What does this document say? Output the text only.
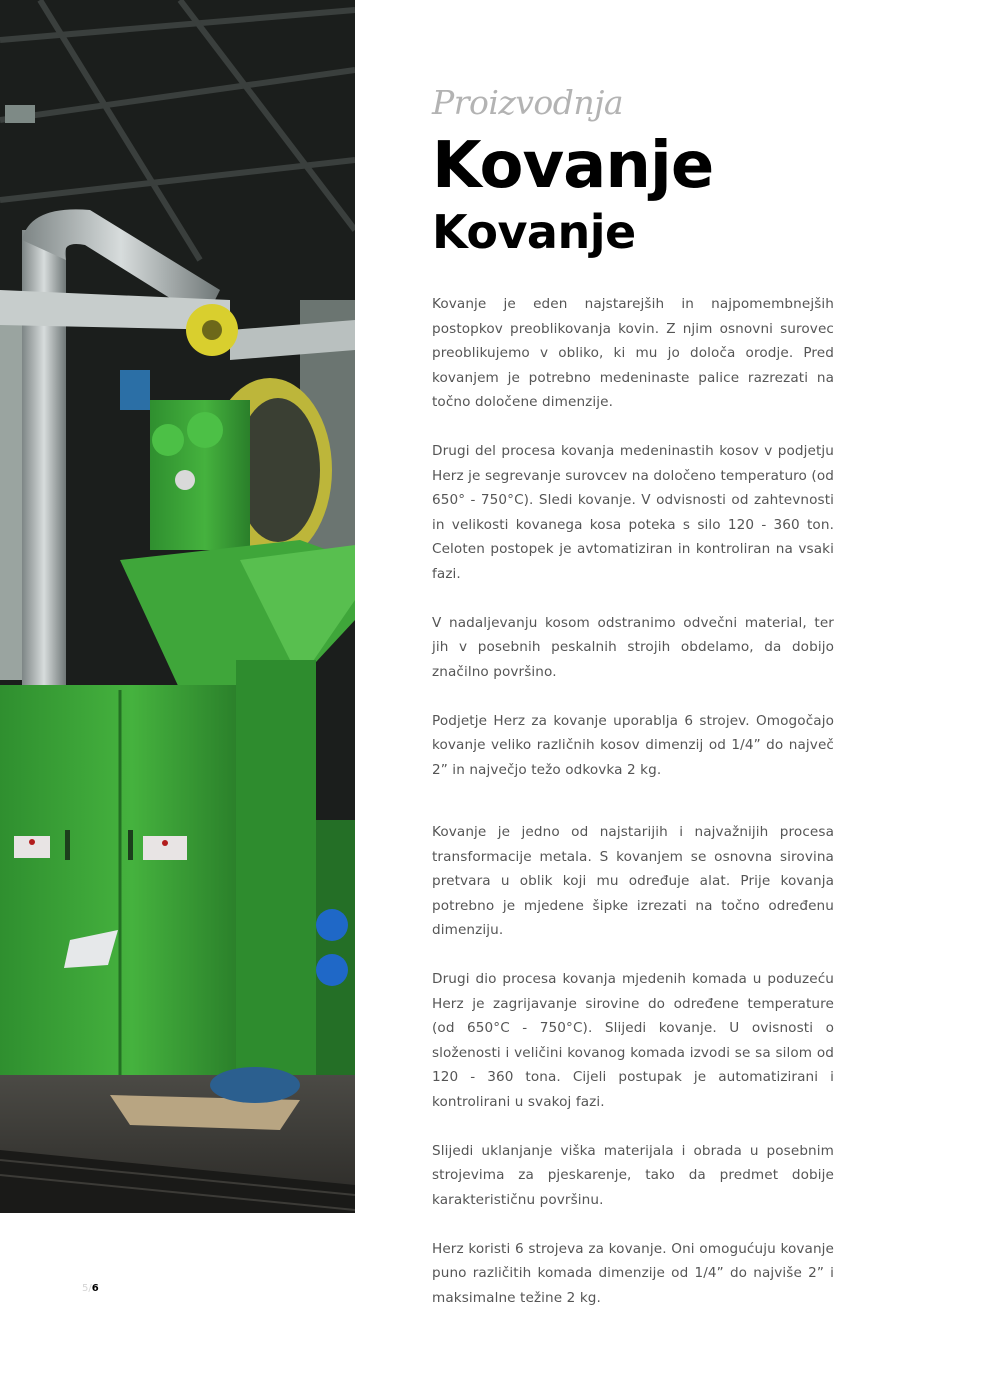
Proizvodnja
Kovanje
Kovanje

Kovanje je eden najstarejših in najpomembnejših postopkov preoblikovanja kovin. Z njim osnovni surovec preoblikujemo v obliko, ki mu jo določa orodje. Pred kovanjem je potrebno medeninaste palice razrezati na točno določene dimenzije.

Drugi del procesa kovanja medeninastih kosov v podjetju Herz je segrevanje surovcev na določeno temperaturo (od 650° - 750°C). Sledi kovanje. V odvisnosti od zahtevnosti in velikosti kovanega kosa poteka s silo 120 - 360 ton. Celoten postopek je avtomatiziran in kontroliran na vsaki fazi.

V nadaljevanju kosom odstranimo odvečni material, ter jih v posebnih peskalnih strojih obdelamo, da dobijo značilno površino.

Podjetje Herz za kovanje uporablja 6 strojev. Omogočajo kovanje veliko različnih kosov dimenzij od 1/4” do največ 2” in največjo težo odkovka 2 kg.

Kovanje je jedno od najstarijih i najvažnijih procesa transformacije metala. S kovanjem se osnovna sirovina pretvara u oblik koji mu određuje alat. Prije kovanja potrebno je mjedene šipke izrezati na točno određenu dimenziju.

Drugi dio procesa kovanja mjedenih komada u poduzeću Herz je zagrijavanje sirovine do određene temperature (od 650°C - 750°C). Slijedi kovanje. U ovisnosti o složenosti i veličini kovanog komada izvodi se sa silom od 120 - 360 tona. Cijeli postupak je automatizirani i kontrolirani u svakoj fazi.

Slijedi uklanjanje viška materijala i obrada u posebnim strojevima za pjeskarenje, tako da predmet dobije karakterističnu površinu.

Herz koristi 6 strojeva za kovanje. Oni omogućuju kovanje puno različitih komada dimenzije od 1/4” do najviše 2” i maksimalne težine 2 kg.

5/6
